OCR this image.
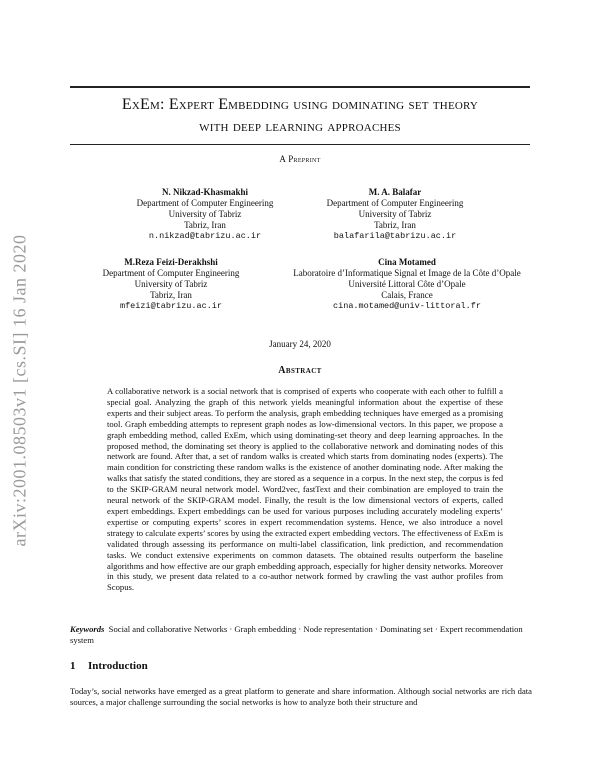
arXiv:2001.08503v1 [cs.SI] 16 Jan 2020
ExEm: Expert Embedding using dominating set theory
with deep learning approaches
A Preprint
N. Nikzad-Khasmakhi
Department of Computer Engineering
University of Tabriz
Tabriz, Iran
n.nikzad@tabrizu.ac.ir
M. A. Balafar
Department of Computer Engineering
University of Tabriz
Tabriz, Iran
balafarila@tabrizu.ac.ir
M.Reza Feizi-Derakhshi
Department of Computer Engineering
University of Tabriz
Tabriz, Iran
mfeizi@tabrizu.ac.ir
Cina Motamed
Laboratoire d’Informatique Signal et Image de la Côte d’Opale
Université Littoral Côte d’Opale
Calais, France
cina.motamed@univ-littoral.fr
January 24, 2020
Abstract
A collaborative network is a social network that is comprised of experts who cooperate with each other to fulfill a special goal. Analyzing the graph of this network yields meaningful information about the expertise of these experts and their subject areas. To perform the analysis, graph embedding techniques have emerged as a promising tool. Graph embedding attempts to represent graph nodes as low-dimensional vectors. In this paper, we propose a graph embedding method, called ExEm, which using dominating-set theory and deep learning approaches. In the proposed method, the dominating set theory is applied to the collaborative network and dominating nodes of this network are found. After that, a set of random walks is created which starts from dominating nodes (experts). The main condition for constricting these random walks is the existence of another dominating node. After making the walks that satisfy the stated conditions, they are stored as a sequence in a corpus. In the next step, the corpus is fed to the SKIP-GRAM neural network model. Word2vec, fastText and their combination are employed to train the neural network of the SKIP-GRAM model. Finally, the result is the low dimensional vectors of experts, called expert embeddings. Expert embeddings can be used for various purposes including accurately modeling experts’ expertise or computing experts’ scores in expert recommendation systems. Hence, we also introduce a novel strategy to calculate experts’ scores by using the extracted expert embedding vectors. The effectiveness of ExEm is validated through assessing its performance on multi-label classification, link prediction, and recommendation tasks. We conduct extensive experiments on common datasets. The obtained results outperform the baseline algorithms and how effective are our graph embedding approach, especially for higher density networks. Moreover in this study, we present data related to a co-author network formed by crawling the vast author profiles from Scopus.
Keywords Social and collaborative Networks · Graph embedding · Node representation · Dominating set · Expert recommendation system
1 Introduction
Today’s, social networks have emerged as a great platform to generate and share information. Although social networks are rich data sources, a major challenge surrounding the social networks is how to analyze both their structure and
